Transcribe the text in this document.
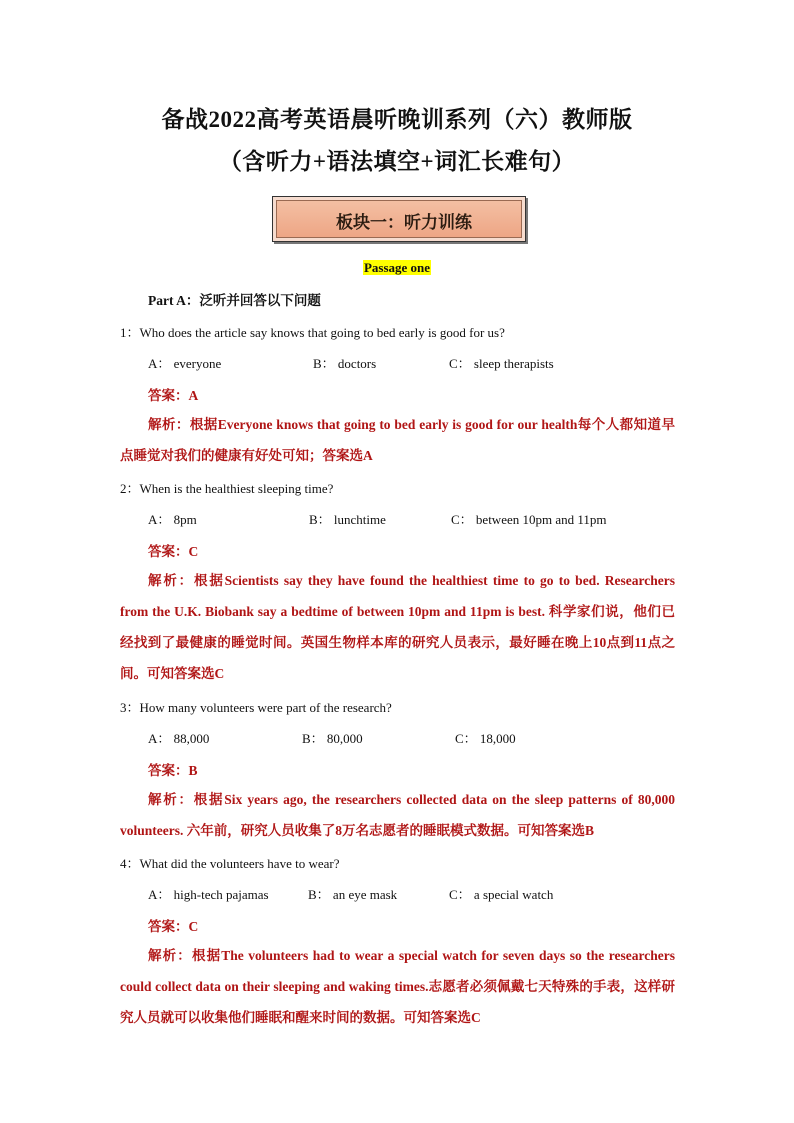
备战2022高考英语晨听晚训系列（六）教师版
（含听力+语法填空+词汇长难句）
板块一：听力训练
Passage one
Part A：泛听并回答以下问题
1：Who does the article say knows that going to bed early is good for us?
A： everyone	B： doctors	C： sleep therapists
答案：A

解析：根据Everyone knows that going to bed early is good for our health每个人都知道早点睡觉对我们的健康有好处可知；答案选A

2：When is the healthiest sleeping time?
A： 8pm	B： lunchtime	C： between 10pm and 11pm
答案：C

解析：根据Scientists say they have found the healthiest time to go to bed. Researchers from the U.K. Biobank say a bedtime of between 10pm and 11pm is best. 科学家们说，他们已经找到了最健康的睡觉时间。英国生物样本库的研究人员表示，最好睡在晚上10点到11点之间。可知答案选C

3：How many volunteers were part of the research?
A： 88,000	B： 80,000	C： 18,000
答案：B

解析：根据Six years ago, the researchers collected data on the sleep patterns of 80,000 volunteers. 六年前，研究人员收集了8万名志愿者的睡眠模式数据。可知答案选B

4：What did the volunteers have to wear?
A： high-tech pajamas	B： an eye mask	C： a special watch
答案：C

解析：根据The volunteers had to wear a special watch for seven days so the researchers could collect data on their sleeping and waking times.志愿者必须佩戴七天特殊的手表，这样研究人员就可以收集他们睡眠和醒来时间的数据。可知答案选C
